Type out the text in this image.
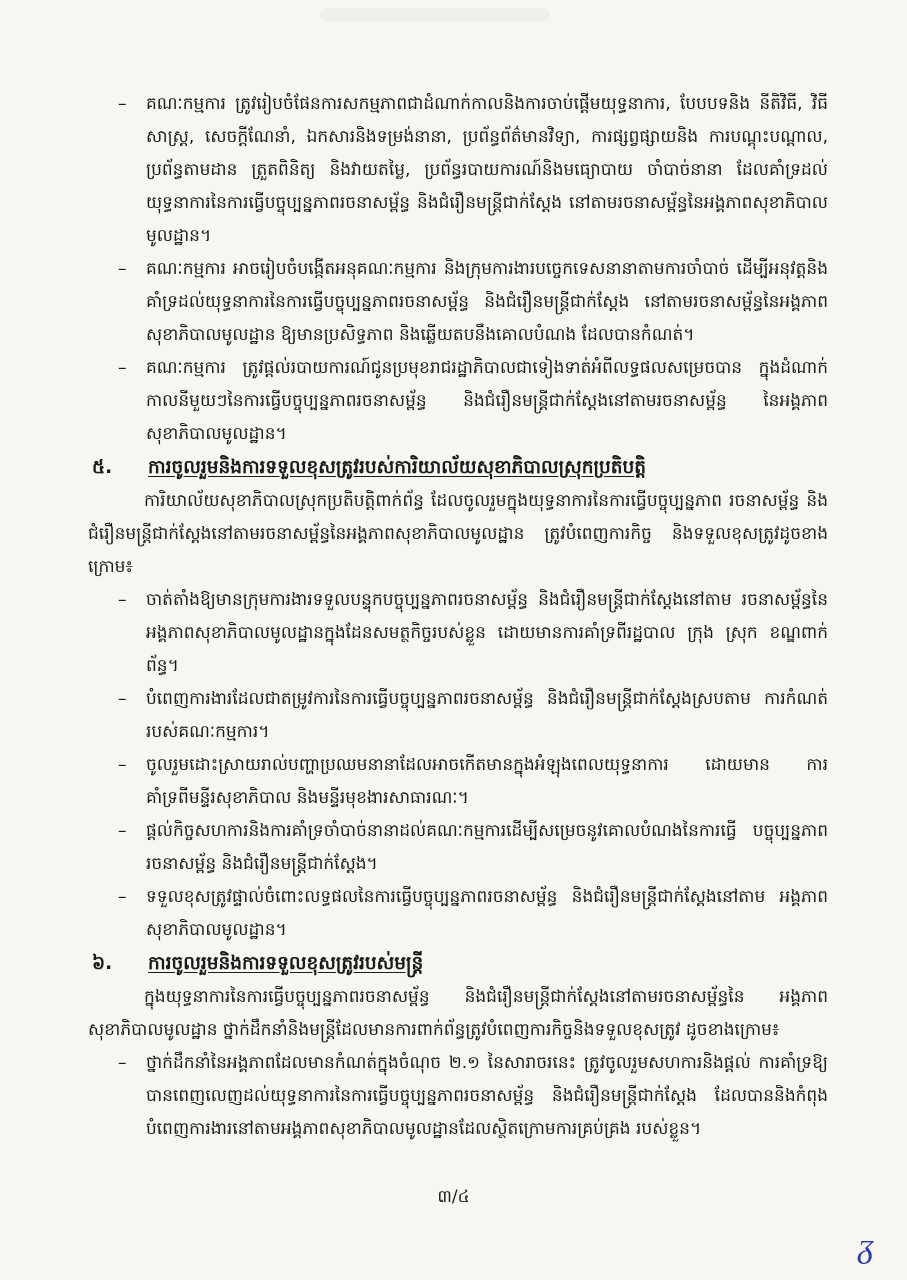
– គណៈកម្មការ ត្រូវរៀបចំផែនការសកម្មភាពជាដំណាក់កាលនិងការចាប់ផ្តើមយុទ្ធនាការ, បែបបទនិង នីតិវិធី, វិធីសាស្ត្រ, សេចក្តីណែនាំ, ឯកសារនិងទម្រង់នានា, ប្រព័ន្ធព័ត៌មានវិទ្យា, ការផ្សព្វផ្សាយនិង ការបណ្តុះបណ្តាល, ប្រព័ន្ធតាមដាន ត្រួតពិនិត្យ និងវាយតម្លៃ, ប្រព័ន្ធរបាយការណ៍និងមធ្យោបាយ ចាំបាច់នានា ដែលគាំទ្រដល់យុទ្ធនាការនៃការធ្វើបច្ចុប្បន្នភាពរចនាសម្ព័ន្ធ និងជំរឿនមន្ត្រីជាក់ស្តែង នៅតាមរចនាសម្ព័ន្ធនៃអង្គភាពសុខាភិបាលមូលដ្ឋាន។
– គណៈកម្មការ អាចរៀបចំបង្កើតអនុគណៈកម្មការ និងក្រុមការងារបច្ចេកទេសនានាតាមការចាំបាច់ ដើម្បីអនុវត្តនិងគាំទ្រដល់យុទ្ធនាការនៃការធ្វើបច្ចុប្បន្នភាពរចនាសម្ព័ន្ធ និងជំរឿនមន្ត្រីជាក់ស្តែង នៅតាមរចនាសម្ព័ន្ធនៃអង្គភាពសុខាភិបាលមូលដ្ឋាន ឱ្យមានប្រសិទ្ធភាព និងឆ្លើយតបនឹងគោលបំណង ដែលបានកំណត់។
– គណៈកម្មការ ត្រូវផ្តល់របាយការណ៍ជូនប្រមុខរាជរដ្ឋាភិបាលជាទៀងទាត់អំពីលទ្ធផលសម្រេចបាន ក្នុងដំណាក់កាលនីមួយៗនៃការធ្វើបច្ចុប្បន្នភាពរចនាសម្ព័ន្ធ និងជំរឿនមន្ត្រីជាក់ស្តែងនៅតាមរចនាសម្ព័ន្ធ នៃអង្គភាពសុខាភិបាលមូលដ្ឋាន។
៥.	ការចូលរួមនិងការទទួលខុសត្រូវរបស់ការិយាល័យសុខាភិបាលស្រុកប្រតិបត្តិ
ការិយាល័យសុខាភិបាលស្រុកប្រតិបត្តិពាក់ព័ន្ធ ដែលចូលរួមក្នុងយុទ្ធនាការនៃការធ្វើបច្ចុប្បន្នភាព រចនាសម្ព័ន្ធ និងជំរឿនមន្ត្រីជាក់ស្តែងនៅតាមរចនាសម្ព័ន្ធនៃអង្គភាពសុខាភិបាលមូលដ្ឋាន ត្រូវបំពេញការកិច្ច និងទទួលខុសត្រូវដូចខាងក្រោម៖
– ចាត់តាំងឱ្យមានក្រុមការងារទទួលបន្ទុកបច្ចុប្បន្នភាពរចនាសម្ព័ន្ធ និងជំរឿនមន្ត្រីជាក់ស្តែងនៅតាម រចនាសម្ព័ន្ធនៃអង្គភាពសុខាភិបាលមូលដ្ឋានក្នុងដែនសមត្ថកិច្ចរបស់ខ្លួន ដោយមានការគាំទ្រពីរដ្ឋបាល ក្រុង ស្រុក ខណ្ឌពាក់ព័ន្ធ។
– បំពេញការងារដែលជាតម្រូវការនៃការធ្វើបច្ចុប្បន្នភាពរចនាសម្ព័ន្ធ និងជំរឿនមន្ត្រីជាក់ស្តែងស្របតាម ការកំណត់របស់គណៈកម្មការ។
– ចូលរួមដោះស្រាយរាល់បញ្ហាប្រឈមនានាដែលអាចកើតមានក្នុងអំឡុងពេលយុទ្ធនាការ ដោយមាន ការគាំទ្រពីមន្ទីរសុខាភិបាល និងមន្ទីរមុខងារសាធារណៈ។
– ផ្តល់កិច្ចសហការនិងការគាំទ្រចាំបាច់នានាដល់គណៈកម្មការដើម្បីសម្រេចនូវគោលបំណងនៃការធ្វើ បច្ចុប្បន្នភាពរចនាសម្ព័ន្ធ និងជំរឿនមន្ត្រីជាក់ស្តែង។
– ទទួលខុសត្រូវផ្ទាល់ចំពោះលទ្ធផលនៃការធ្វើបច្ចុប្បន្នភាពរចនាសម្ព័ន្ធ និងជំរឿនមន្ត្រីជាក់ស្តែងនៅតាម អង្គភាពសុខាភិបាលមូលដ្ឋាន។
៦.	ការចូលរួមនិងការទទួលខុសត្រូវរបស់មន្ត្រី
ក្នុងយុទ្ធនាការនៃការធ្វើបច្ចុប្បន្នភាពរចនាសម្ព័ន្ធ និងជំរឿនមន្ត្រីជាក់ស្តែងនៅតាមរចនាសម្ព័ន្ធនៃ អង្គភាពសុខាភិបាលមូលដ្ឋាន ថ្នាក់ដឹកនាំនិងមន្ត្រីដែលមានការពាក់ព័ន្ធត្រូវបំពេញការកិច្ចនិងទទួលខុសត្រូវ ដូចខាងក្រោម៖
– ថ្នាក់ដឹកនាំនៃអង្គភាពដែលមានកំណត់ក្នុងចំណុច ២.១ នៃសារាចរនេះ ត្រូវចូលរួមសហការនិងផ្តល់ ការគាំទ្រឱ្យបានពេញលេញដល់យុទ្ធនាការនៃការធ្វើបច្ចុប្បន្នភាពរចនាសម្ព័ន្ធ និងជំរឿនមន្ត្រីជាក់ស្តែង ដែលបាននិងកំពុងបំពេញការងារនៅតាមអង្គភាពសុខាភិបាលមូលដ្ឋានដែលស្ថិតក្រោមការគ្រប់គ្រង របស់ខ្លួន។
៣/៤
ᵹ
